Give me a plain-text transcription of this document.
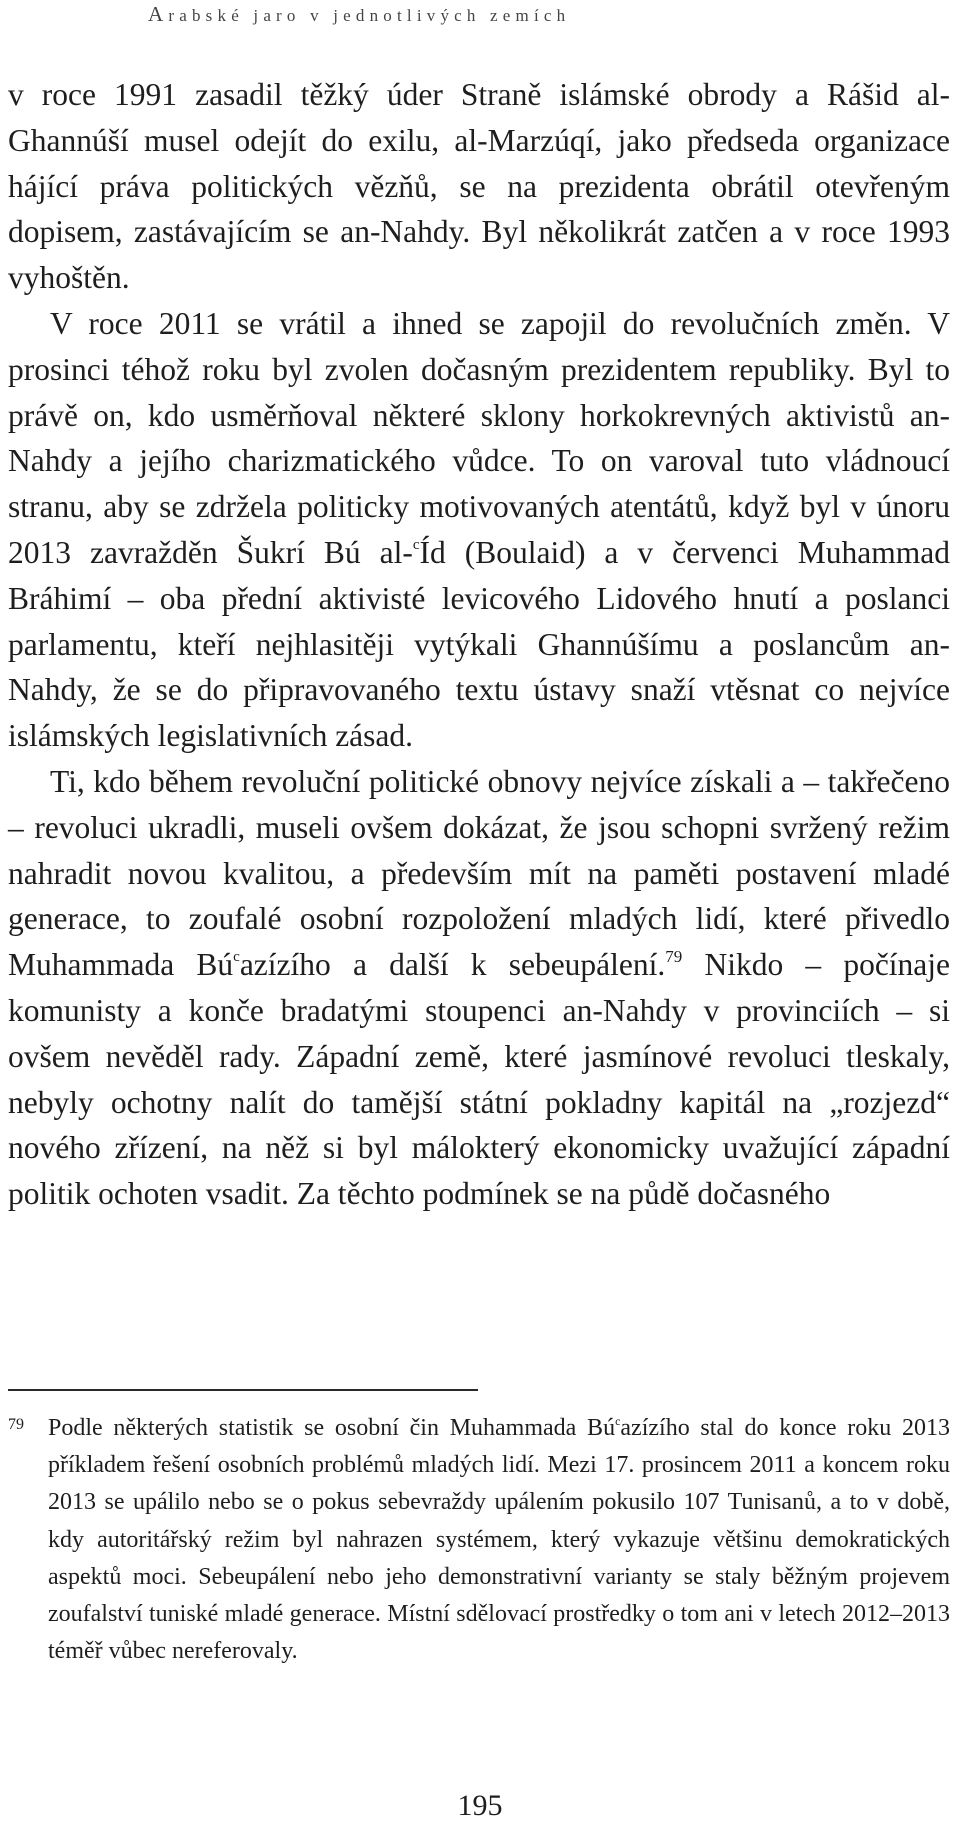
Arabské jaro v jednotlivých zemích

v roce 1991 zasadil těžký úder Straně islámské obrody a Rášid al-Ghannúší musel odejít do exilu, al-Marzúqí, jako předseda organizace hájící práva politických vězňů, se na prezidenta obrátil otevřeným dopisem, zastávajícím se an-Nahdy. Byl několikrát zatčen a v roce 1993 vyhoštěn.

V roce 2011 se vrátil a ihned se zapojil do revolučních změn. V prosinci téhož roku byl zvolen dočasným prezidentem republiky. Byl to právě on, kdo usměrňoval některé sklony horkokrevných aktivistů an-Nahdy a jejího charizmatického vůdce. To on varoval tuto vládnoucí stranu, aby se zdržela politicky motivovaných atentátů, když byl v únoru 2013 zavražděn Šukrí Bú al-$^c$Íd (Boulaid) a v červenci Muhammad Bráhimí – oba přední aktivisté levicového Lidového hnutí a poslanci parlamentu, kteří nejhlasitěji vytýkali Ghannúšímu a poslancům an-Nahdy, že se do připravovaného textu ústavy snaží vtěsnat co nejvíce islámských legislativních zásad.

Ti, kdo během revoluční politické obnovy nejvíce získali a – takřečeno – revoluci ukradli, museli ovšem dokázat, že jsou schopni svržený režim nahradit novou kvalitou, a především mít na paměti postavení mladé generace, to zoufalé osobní rozpoložení mladých lidí, které přivedlo Muhammada $Bú^cazízího$ a další k sebeupálení.$^{79}$ Nikdo – počínaje komunisty a konče bradatými stoupenci an-Nahdy v provinciích – si ovšem nevěděl rady. Západní země, které jasmínové revoluci tleskaly, nebyly ochotny nalít do tamější státní pokladny kapitál na „rozjezd“ nového zřízení, na něž si byl málokterý ekonomicky uvažující západní politik ochoten vsadit. Za těchto podmínek se na půdě dočasného

79 Podle některých statistik se osobní čin Muhammada $Bú^cazízího$ stal do konce roku 2013 příkladem řešení osobních problémů mladých lidí. Mezi 17. prosincem 2011 a koncem roku 2013 se upálilo nebo se o pokus sebevraždy upálením pokusilo 107 Tunisanů, a to v době, kdy autoritářský režim byl nahrazen systémem, který vykazuje většinu demokratických aspektů moci. Sebeupálení nebo jeho demonstrativní varianty se staly běžným projevem zoufalství tuniské mladé generace. Místní sdělovací prostředky o tom ani v letech 2012–2013 téměř vůbec nereferovaly.
195
